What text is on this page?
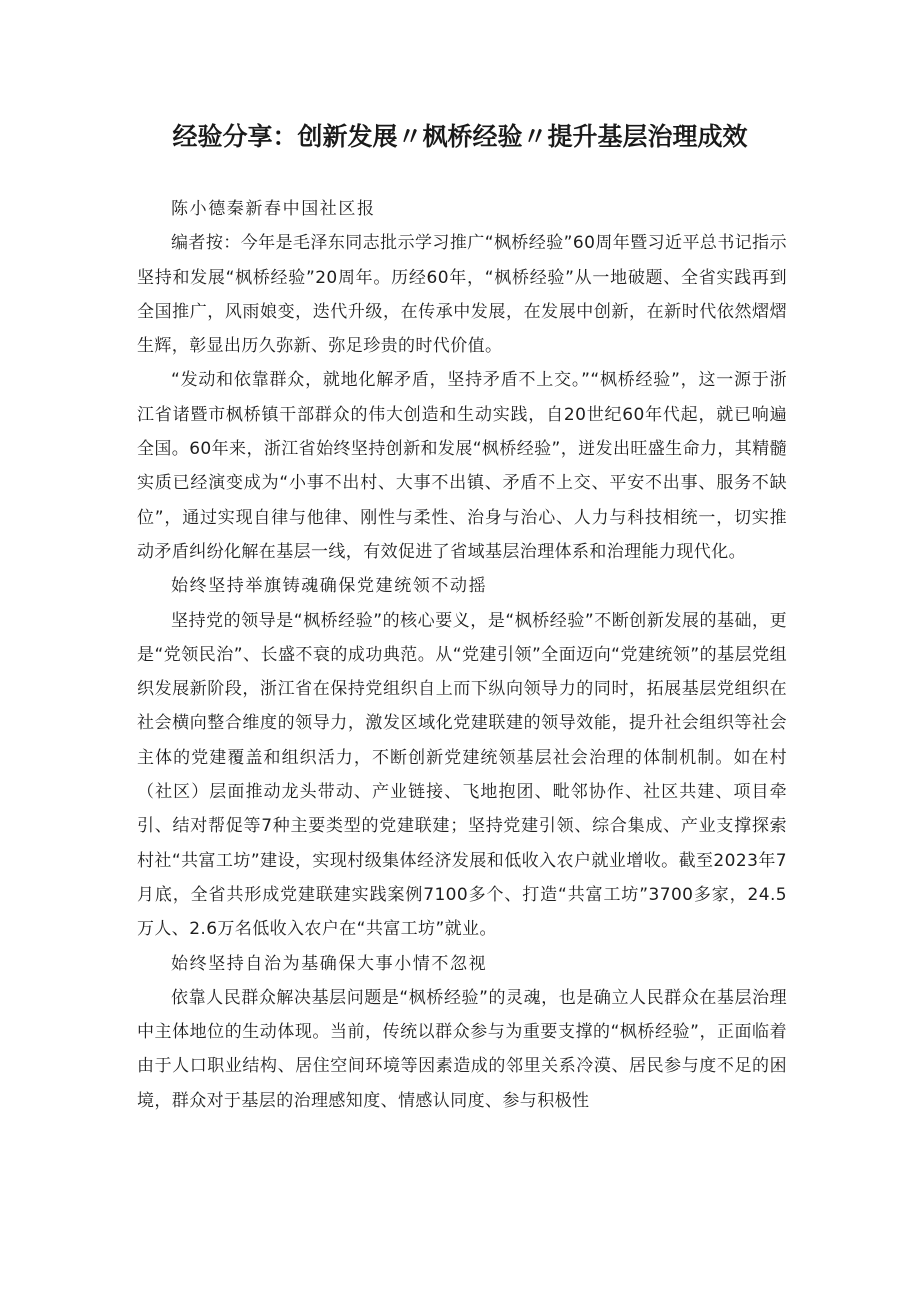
经验分享：创新发展〃枫桥经验〃提升基层治理成效

陈小德秦新春中国社区报

编者按：今年是毛泽东同志批示学习推广“枫桥经验”60周年暨习近平总书记指示坚持和发展“枫桥经验”20周年。历经60年，“枫桥经验”从一地破题、全省实践再到全国推广，风雨娘变，迭代升级，在传承中发展，在发展中创新，在新时代依然熠熠生辉，彰显出历久弥新、弥足珍贵的时代价值。

“发动和依靠群众，就地化解矛盾，坚持矛盾不上交。”“枫桥经验”，这一源于浙江省诸暨市枫桥镇干部群众的伟大创造和生动实践，自20世纪60年代起，就已响遍全国。60年来，浙江省始终坚持创新和发展“枫桥经验”，迸发出旺盛生命力，其精髓实质已经演变成为“小事不出村、大事不出镇、矛盾不上交、平安不出事、服务不缺位”，通过实现自律与他律、刚性与柔性、治身与治心、人力与科技相统一，切实推动矛盾纠纷化解在基层一线，有效促进了省域基层治理体系和治理能力现代化。

始终坚持举旗铸魂确保党建统领不动摇

坚持党的领导是“枫桥经验”的核心要义，是“枫桥经验”不断创新发展的基础，更是“党领民治”、长盛不衰的成功典范。从“党建引领”全面迈向“党建统领”的基层党组织发展新阶段，浙江省在保持党组织自上而下纵向领导力的同时，拓展基层党组织在社会横向整合维度的领导力，激发区域化党建联建的领导效能，提升社会组织等社会主体的党建覆盖和组织活力，不断创新党建统领基层社会治理的体制机制。如在村（社区）层面推动龙头带动、产业链接、飞地抱团、毗邻协作、社区共建、项目牵引、结对帮促等7种主要类型的党建联建；坚持党建引领、综合集成、产业支撑探索村社“共富工坊”建设，实现村级集体经济发展和低收入农户就业增收。截至2023年7月底，全省共形成党建联建实践案例7100多个、打造“共富工坊”3700多家，24.5万人、2.6万名低收入农户在“共富工坊”就业。

始终坚持自治为基确保大事小情不忽视

依靠人民群众解决基层问题是“枫桥经验”的灵魂，也是确立人民群众在基层治理中主体地位的生动体现。当前，传统以群众参与为重要支撑的“枫桥经验”，正面临着由于人口职业结构、居住空间环境等因素造成的邻里关系冷漠、居民参与度不足的困境，群众对于基层的治理感知度、情感认同度、参与积极性
